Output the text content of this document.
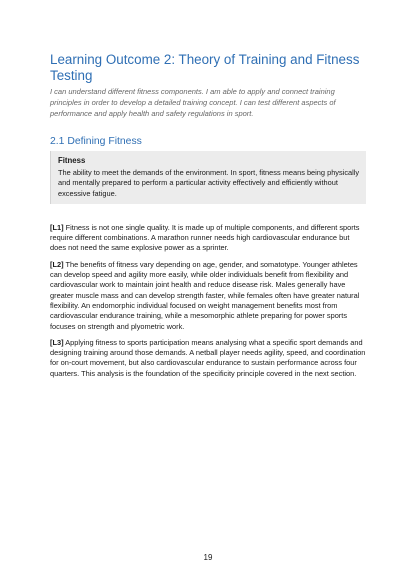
Learning Outcome 2: Theory of Training and Fitness Testing

I can understand different fitness components. I am able to apply and connect training principles in order to develop a detailed training concept. I can test different aspects of performance and apply health and safety regulations in sport.

2.1 Defining Fitness
Fitness
The ability to meet the demands of the environment. In sport, fitness means being physically and mentally prepared to perform a particular activity effectively and efficiently without excessive fatigue.

[L1] Fitness is not one single quality. It is made up of multiple components, and different sports require different combinations. A marathon runner needs high cardiovascular endurance but does not need the same explosive power as a sprinter.

[L2] The benefits of fitness vary depending on age, gender, and somatotype. Younger athletes can develop speed and agility more easily, while older individuals benefit from flexibility and cardiovascular work to maintain joint health and reduce disease risk. Males generally have greater muscle mass and can develop strength faster, while females often have greater natural flexibility. An endomorphic individual focused on weight management benefits most from cardiovascular endurance training, while a mesomorphic athlete preparing for power sports focuses on strength and plyometric work.

[L3] Applying fitness to sports participation means analysing what a specific sport demands and designing training around those demands. A netball player needs agility, speed, and coordination for on-court movement, but also cardiovascular endurance to sustain performance across four quarters. This analysis is the foundation of the specificity principle covered in the next section.

19
